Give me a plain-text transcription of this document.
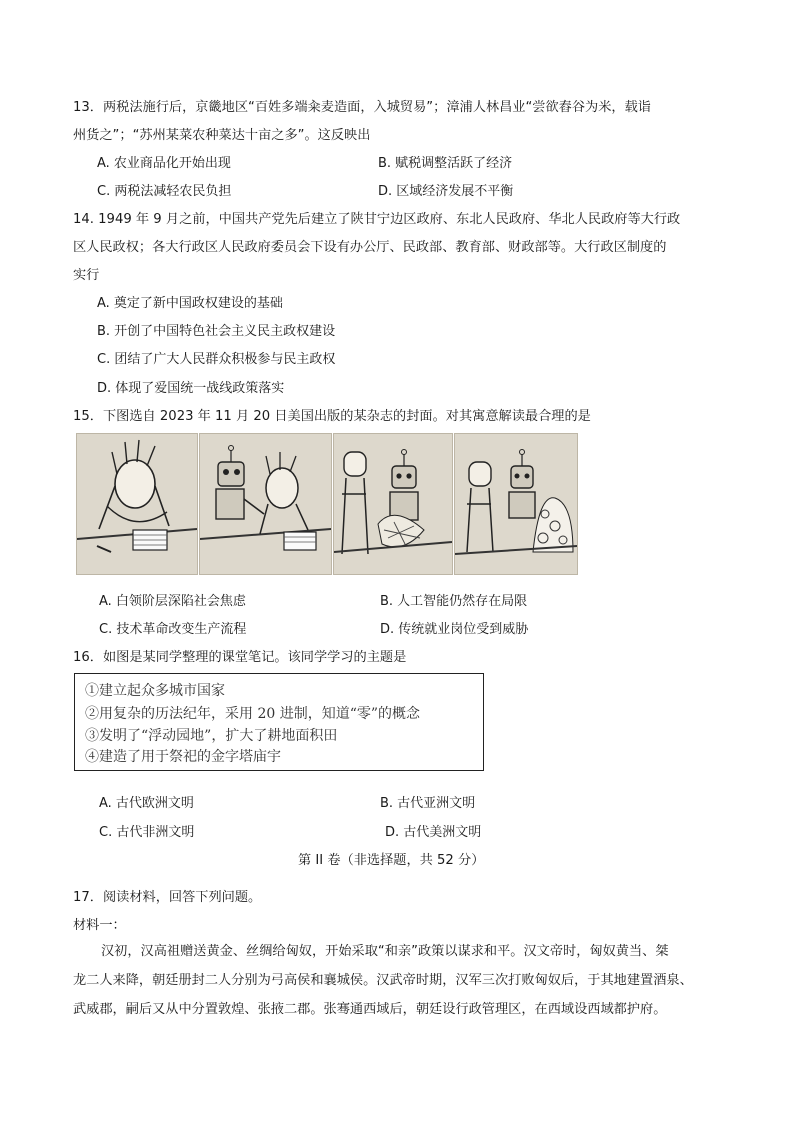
13．两税法施行后，京畿地区“百姓多端籴麦造面，入城贸易”；漳浦人林昌业“尝欲舂谷为米，载诣
州货之”；“苏州某菜农种菜达十亩之多”。这反映出
A. 农业商品化开始出现	B. 赋税调整活跃了经济
C. 两税法减轻农民负担	D. 区域经济发展不平衡
14. 1949 年 9 月之前，中国共产党先后建立了陕甘宁边区政府、东北人民政府、华北人民政府等大行政
区人民政权；各大行政区人民政府委员会下设有办公厅、民政部、教育部、财政部等。大行政区制度的
实行
A. 奠定了新中国政权建设的基础
B. 开创了中国特色社会主义民主政权建设
C. 团结了广大人民群众积极参与民主政权
D. 体现了爱国统一战线政策落实
15．下图选自 2023 年 11 月 20 日美国出版的某杂志的封面。对其寓意解读最合理的是
A. 白领阶层深陷社会焦虑	B. 人工智能仍然存在局限
C. 技术革命改变生产流程	D. 传统就业岗位受到威胁
16．如图是某同学整理的课堂笔记。该同学学习的主题是
①建立起众多城市国家
②用复杂的历法纪年，采用 20 进制，知道“零”的概念
③发明了“浮动园地”，扩大了耕地面积田
④建造了用于祭祀的金字塔庙宇
A. 古代欧洲文明	B. 古代亚洲文明
C. 古代非洲文明	D. 古代美洲文明
第 II 卷（非选择题，共 52 分）
17．阅读材料，回答下列问题。
材料一：
汉初，汉高祖赠送黄金、丝绸给匈奴，开始采取“和亲”政策以谋求和平。汉文帝时，匈奴黄当、桀
龙二人来降，朝廷册封二人分别为弓高侯和襄城侯。汉武帝时期，汉军三次打败匈奴后，于其地建置酒泉、
武威郡，嗣后又从中分置敦煌、张掖二郡。张骞通西域后，朝廷设行政管理区，在西域设西域都护府。
